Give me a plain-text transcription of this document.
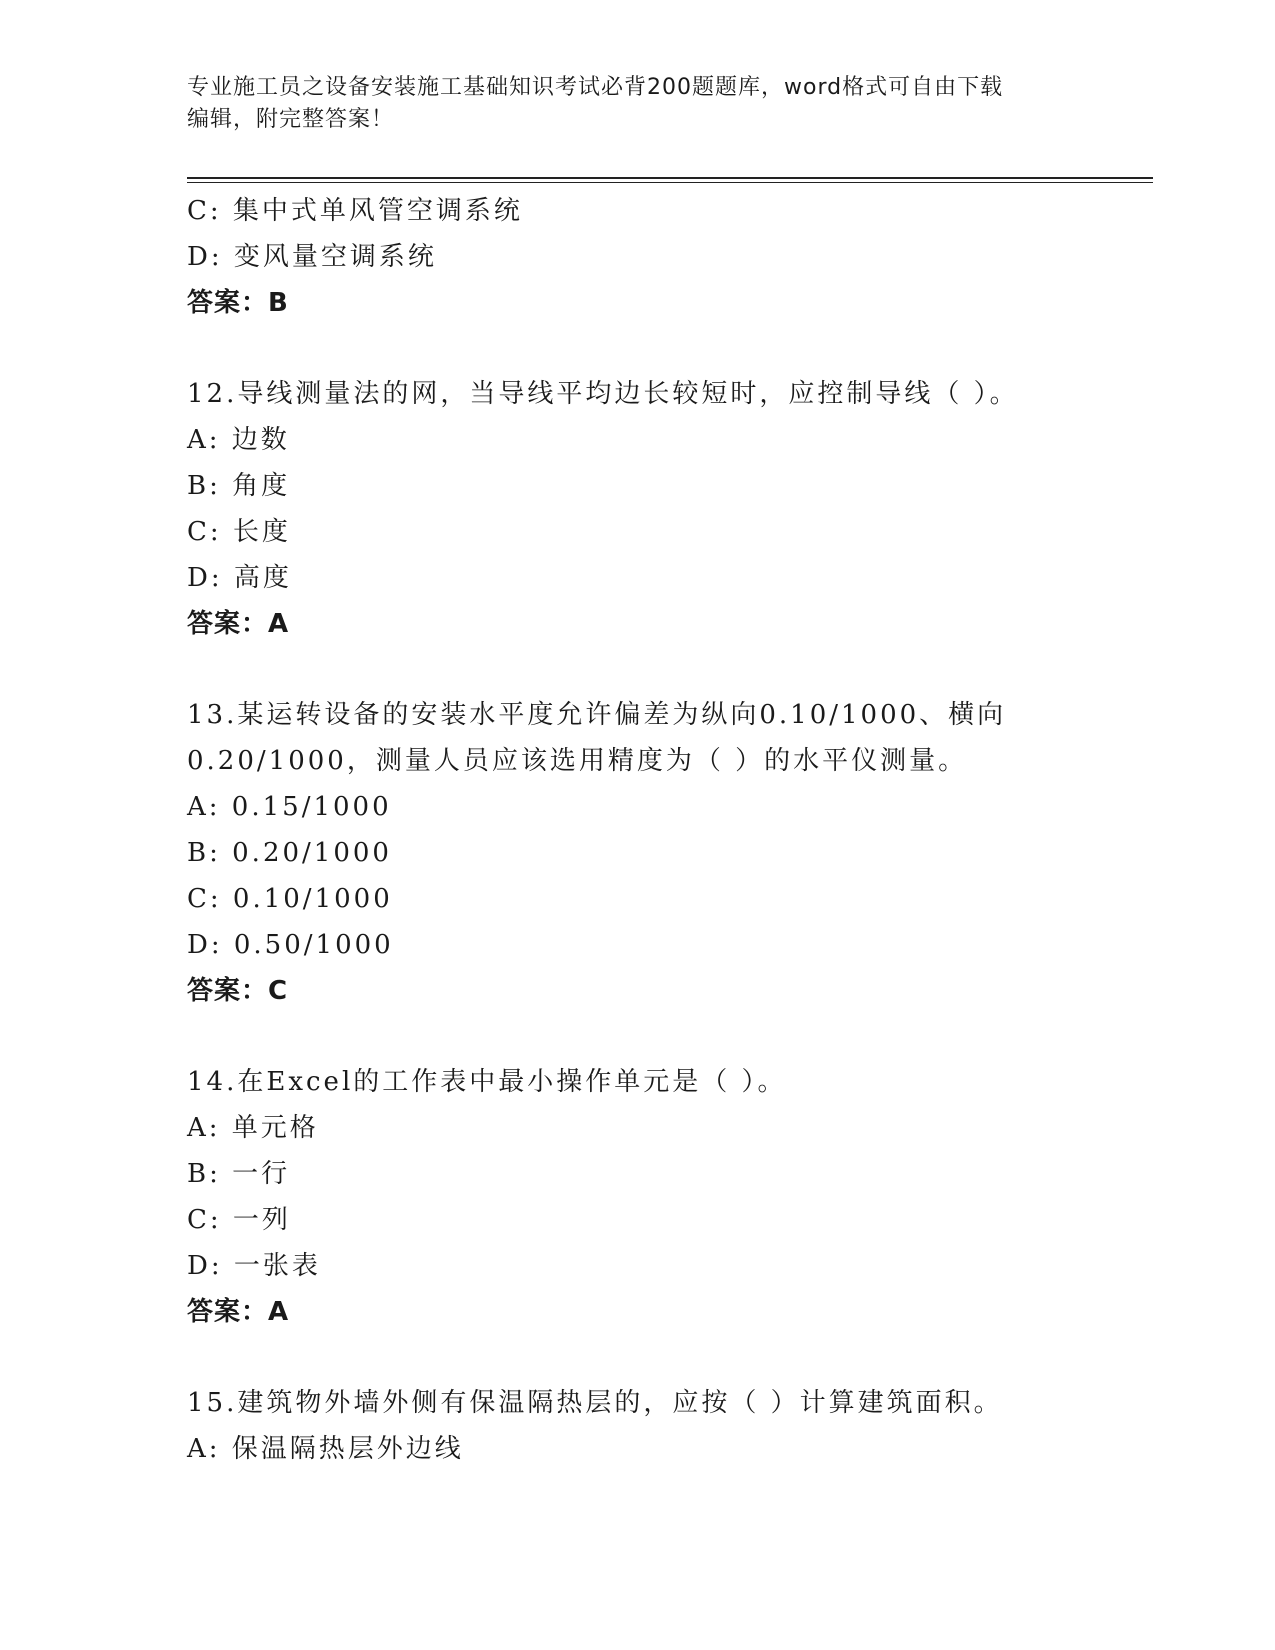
专业施工员之设备安装施工基础知识考试必背200题题库，word格式可自由下载
编辑，附完整答案！
C: 集中式单风管空调系统
D: 变风量空调系统
答案：B
12.导线测量法的网，当导线平均边长较短时，应控制导线（ ）。
A: 边数
B: 角度
C: 长度
D: 高度
答案：A
13.某运转设备的安装水平度允许偏差为纵向0.10/1000、横向
0.20/1000，测量人员应该选用精度为（ ）的水平仪测量。
A: 0.15/1000
B: 0.20/1000
C: 0.10/1000
D: 0.50/1000
答案：C
14.在Excel的工作表中最小操作单元是（ ）。
A: 单元格
B: 一行
C: 一列
D: 一张表
答案：A
15.建筑物外墙外侧有保温隔热层的，应按（ ）计算建筑面积。
A: 保温隔热层外边线
